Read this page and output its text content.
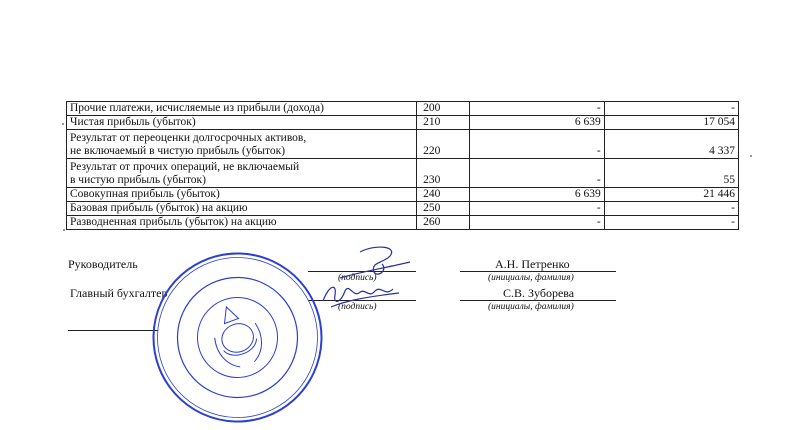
Прочие платежи, исчисляемые из прибыли (дохода)	200	-	-
Чистая прибыль (убыток)	210	6 639	17 054

Результат от переоценки долгосрочных активов,
не включаемый в чистую прибыль (убыток)	220	-	4 337

Результат от прочих операций, не включаемый
в чистую прибыль (убыток)	230	-	55
Совокупная прибыль (убыток)	240	6 639	21 446
Базовая прибыль (убыток) на акцию	250	-	-
Разводненная прибыль (убыток) на акцию	260	-	-
Руководитель
(подпись)
А.Н. Петренко
(инициалы, фамилия)
Главный бухгалтер
(подпись)
С.В. Зуборева
(инициалы, фамилия)
